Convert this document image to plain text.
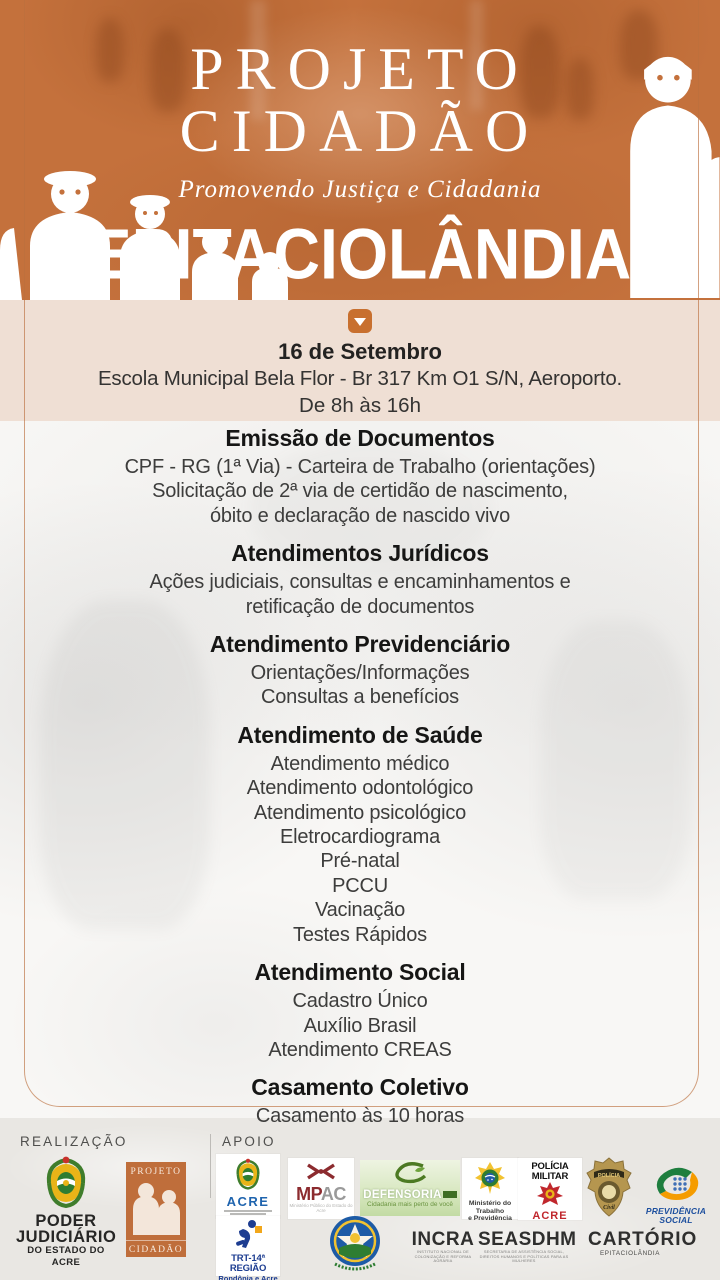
PROJETO
CIDADÃO
Promovendo Justiça e Cidadania
EPITACIOLÂNDIA
16 de Setembro
Escola Municipal Bela Flor - Br 317 Km O1 S/N, Aeroporto.
De 8h às 16h
Emissão de Documentos

CPF - RG (1ª Via) - Carteira de Trabalho (orientações)

Solicitação de 2ª via de certidão de nascimento,

óbito e declaração de nascido vivo

Atendimentos Jurídicos

Ações judiciais, consultas e encaminhamentos e

retificação de documentos

Atendimento Previdenciário

Orientações/Informações

Consultas a benefícios

Atendimento de Saúde

Atendimento médico

Atendimento odontológico

Atendimento psicológico

Eletrocardiograma

Pré-natal

PCCU

Vacinação

Testes Rápidos

Atendimento Social

Cadastro Único

Auxílio Brasil

Atendimento CREAS

Casamento Coletivo

Casamento às 10 horas

REALIZAÇÃO	APOIO
PODER
JUDICIÁRIO
DO ESTADO DO ACRE
PROJETO
CIDADÃO
ACRE
TRT-14ª REGIÃO
Rondônia e Acre
MPAC
Ministério Público do Estado do Acre
DEFENSORIA
Cidadania mais perto de você	Ministério do Trabalho
e Previdência
POLÍCIA MILITAR
ACRE
POLÍCIA
Civil	PREVIDÊNCIA SOCIAL
INCRA
INSTITUTO NACIONAL DE COLONIZAÇÃO E REFORMA AGRÁRIA
SEASDHM
SECRETARIA DE ASSISTÊNCIA SOCIAL, DIREITOS HUMANOS E POLÍTICAS PARA AS MULHERES
CARTÓRIO
EPITACIOLÂNDIA
